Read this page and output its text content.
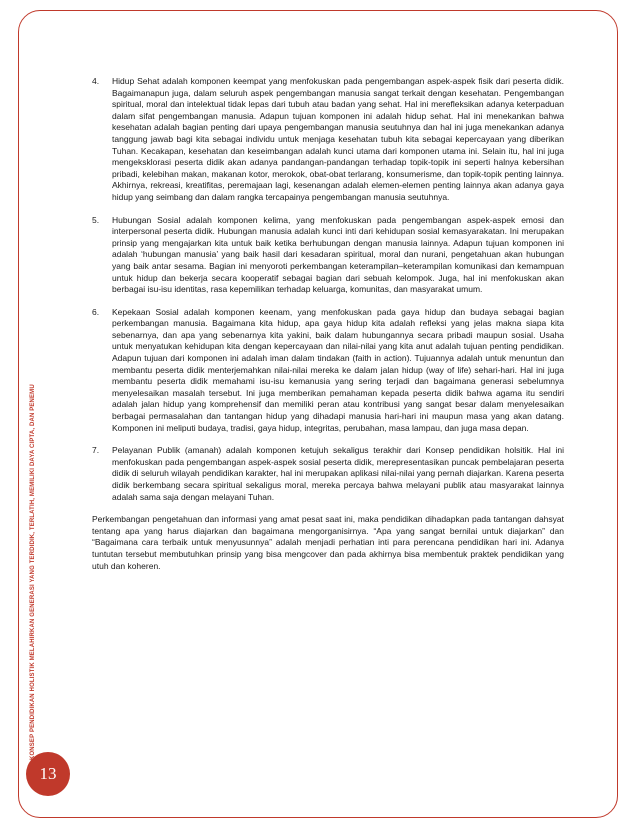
KONSEP PENDIDIKAN HOLISTIK MELAHIRKAN GENERASI YANG TERDIDIK, TERLATIH, MEMILIKI DAYA CIPTA, DAN PENEMU
13
4.	Hidup Sehat adalah komponen keempat yang menfokuskan pada pengembangan aspek-aspek fisik dari peserta didik. Bagaimanapun juga, dalam seluruh aspek pengembangan manusia sangat terkait dengan kesehatan. Pengembangan spiritual, moral dan intelektual tidak lepas dari tubuh atau badan yang sehat. Hal ini merefleksikan adanya keterpaduan dalam sifat pengembangan manusia. Adapun tujuan komponen ini adalah hidup sehat. Hal ini menekankan bahwa kesehatan adalah bagian penting dari upaya pengembangan manusia seutuhnya dan hal ini juga menekankan adanya tanggung jawab bagi kita sebagai individu untuk menjaga kesehatan tubuh kita sebagai kepercayaan yang diberikan Tuhan. Kecakapan, kesehatan dan keseimbangan adalah kunci utama dari komponen utama ini. Selain itu, hal ini juga mengeksklorasi peserta didik akan adanya pandangan-pandangan terhadap topik-topik ini seperti halnya kebersihan pribadi, kelebihan makan, makanan kotor, merokok, obat-obat terlarang, konsumerisme, dan topik-topik penting lainnya. Akhirnya, rekreasi, kreatifitas, peremajaan lagi, kesenangan adalah elemen-elemen penting lainnya akan adanya gaya hidup yang seimbang dan dalam rangka tercapainya pengembangan manusia seutuhnya.
5.	Hubungan Sosial adalah komponen kelima, yang menfokuskan pada pengembangan aspek-aspek emosi dan interpersonal peserta didik. Hubungan manusia adalah kunci inti dari kehidupan sosial kemasyarakatan. Ini merupakan prinsip yang mengajarkan kita untuk baik ketika berhubungan dengan manusia lainnya. Adapun tujuan komponen ini adalah ‘hubungan manusia’ yang baik hasil dari kesadaran spiritual, moral dan nurani, pengetahuan akan hubungan yang baik antar sesama. Bagian ini menyoroti perkembangan keterampilan–keterampilan komunikasi dan kemampuan untuk hidup dan bekerja secara kooperatif sebagai bagian dari sebuah kelompok. Juga, hal ini menfokuskan akan berbagai isu-isu identitas, rasa kepemilikan terhadap keluarga, komunitas, dan masyarakat umum.
6.	Kepekaan Sosial adalah komponen keenam, yang menfokuskan pada gaya hidup dan budaya sebagai bagian perkembangan manusia. Bagaimana kita hidup, apa gaya hidup kita adalah refleksi yang jelas makna siapa kita sebenarnya, dan apa yang sebenarnya kita yakini, baik dalam hubungannya secara pribadi maupun sosial. Usaha untuk menyatukan kehidupan kita dengan kepercayaan dan nilai-nilai yang kita anut adalah tujuan penting pendidikan. Adapun tujuan dari komponen ini adalah iman dalam tindakan (faith in action). Tujuannya adalah untuk menuntun dan membantu peserta didik menterjemahkan nilai-nilai mereka ke dalam jalan hidup (way of life) sehari-hari. Hal ini juga membantu peserta didik memahami isu-isu kemanusia yang sering terjadi dan bagaimana generasi sebelumnya menyelesaikan masalah tersebut. Ini juga memberikan pemahaman kepada peserta didik bahwa agama itu sendiri adalah jalan hidup yang komprehensif dan memiliki peran atau kontribusi yang sangat besar dalam menyelesaikan berbagai permasalahan dan tantangan hidup yang dihadapi manusia hari-hari ini maupun masa yang akan datang. Komponen ini meliputi budaya, tradisi, gaya hidup, integritas, perubahan, masa lampau, dan juga masa depan.
7.	Pelayanan Publik (amanah) adalah komponen ketujuh sekaligus terakhir dari Konsep pendidikan holsitik. Hal ini menfokuskan pada pengembangan aspek-aspek sosial peserta didik, merepresentasikan puncak pembelajaran peserta didik di seluruh wilayah pendidikan karakter, hal ini merupakan aplikasi nilai-nilai yang pernah diajarkan. Karena peserta didik berkembang secara spiritual sekaligus moral, mereka percaya bahwa melayani publik atau masyarakat lainnya adalah sama saja dengan melayani Tuhan.
Perkembangan pengetahuan dan informasi yang amat pesat saat ini, maka pendidikan dihadapkan pada tantangan dahsyat tentang apa yang harus diajarkan dan bagaimana mengorganisirnya. “Apa yang sangat bernilai untuk diajarkan” dan “Bagaimana cara terbaik untuk menyusunnya” adalah menjadi perhatian inti para perencana pendidikan hari ini. Adanya tuntutan tersebut membutuhkan prinsip yang bisa mengcover dan pada akhirnya bisa membentuk praktek pendidikan yang utuh dan koheren.
